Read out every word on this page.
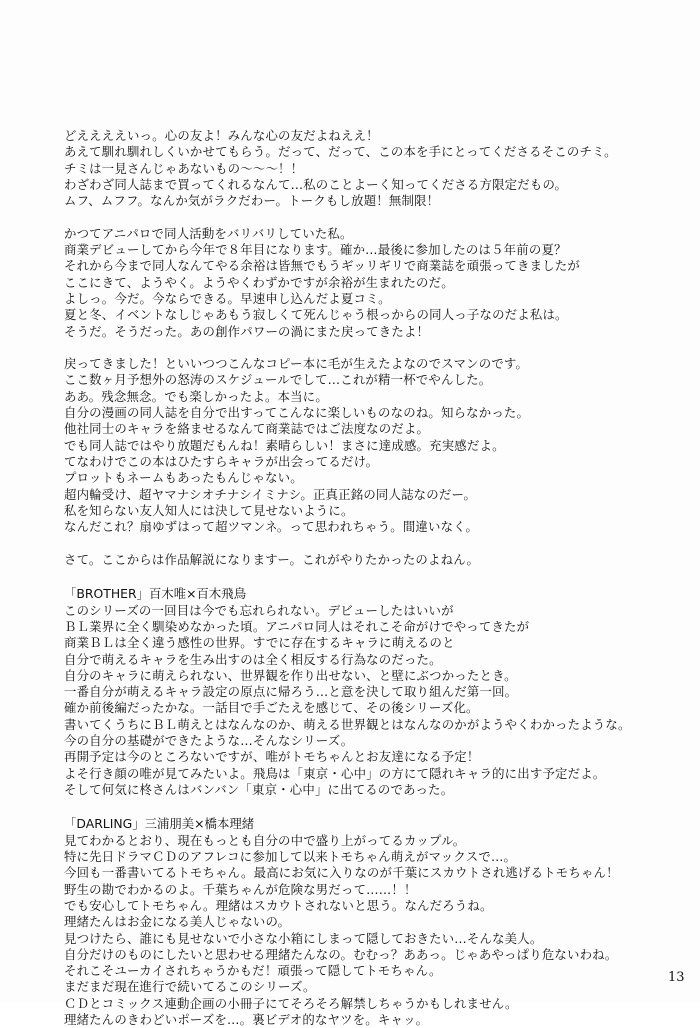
どええええいっ。心の友よ！みんな心の友だよねええ！
あえて馴れ馴れしくいかせてもらう。だって、だって、この本を手にとってくださるそこのチミ。
チミは一見さんじゃあないもの～～～！！
わざわざ同人誌まで買ってくれるなんて…私のことよーく知ってくださる方限定だもの。
ムフ、ムフフ。なんか気がラクだわー。トークもし放題！無制限！
かつてアニパロで同人活動をバリバリしていた私。
商業デビューしてから今年で８年目になります。確か…最後に参加したのは５年前の夏？
それから今まで同人なんてやる余裕は皆無でもうギッリギリで商業誌を頑張ってきましたが
ここにきて、ようやく。ようやくわずかですが余裕が生まれたのだ。
よしっ。今だ。今ならできる。早速申し込んだよ夏コミ。
夏と冬、イベントなしじゃあもう寂しくて死んじゃう根っからの同人っ子なのだよ私は。
そうだ。そうだった。あの創作パワーの渦にまた戻ってきたよ！
戻ってきました！といいつつこんなコピー本に毛が生えたよなのでスマンのです。
ここ数ヶ月予想外の怒涛のスケジュールでして…これが精一杯でやんした。
ああ。残念無念。でも楽しかったよ。本当に。
自分の漫画の同人誌を自分で出すってこんなに楽しいものなのね。知らなかった。
他社同士のキャラを絡ませるなんて商業誌ではご法度なのだよ。
でも同人誌ではやり放題だもんね！素晴らしい！まさに達成感。充実感だよ。
てなわけでこの本はひたすらキャラが出会ってるだけ。
プロットもネームもあったもんじゃない。
超内輪受け、超ヤマナシオチナシイミナシ。正真正銘の同人誌なのだー。
私を知らない友人知人には決して見せないように。
なんだこれ？扇ゆずはって超ツマンネ。って思われちゃう。間違いなく。
さて。ここからは作品解説になりますー。これがやりたかったのよねん。
「BROTHER」百木唯×百木飛鳥
このシリーズの一回目は今でも忘れられない。デビューしたはいいが
ＢＬ業界に全く馴染めなかった頃。アニパロ同人はそれこそ命がけでやってきたが
商業ＢＬは全く違う感性の世界。すでに存在するキャラに萌えるのと
自分で萌えるキャラを生み出すのは全く相反する行為なのだった。
自分のキャラに萌えられない、世界観を作り出せない、と壁にぶつかったとき。
一番自分が萌えるキャラ設定の原点に帰ろう…と意を決して取り組んだ第一回。
確か前後編だったかな。一話目で手ごたえを感じて、その後シリーズ化。
書いてくうちにＢＬ萌えとはなんなのか、萌える世界観とはなんなのかがようやくわかったような。
今の自分の基礎ができたような…そんなシリーズ。
再開予定は今のところないですが、唯がトモちゃんとお友達になる予定！
よそ行き顔の唯が見てみたいよ。飛鳥は「東京・心中」の方にて隠れキャラ的に出す予定だよ。
そして何気に柊さんはバンバン「東京・心中」に出てるのであった。
「DARLING」三浦朋美×橋本理緒
見てわかるとおり、現在もっとも自分の中で盛り上がってるカップル。
特に先日ドラマＣＤのアフレコに参加して以来トモちゃん萌えがマックスで…。
今回も一番書いてるトモちゃん。最高にお気に入りなのが千葉にスカウトされ逃げるトモちゃん！
野生の勘でわかるのよ。千葉ちゃんが危険な男だって……！！
でも安心してトモちゃん。理緒はスカウトされないと思う。なんだろうね。
理緒たんはお金になる美人じゃないの。
見つけたら、誰にも見せないで小さな小箱にしまって隠しておきたい…そんな美人。
自分だけのものにしたいと思わせる理緒たんなの。むむっ？ああっ。じゃあやっぱり危ないわね。
それこそユーカイされちゃうかもだ！頑張って隠してトモちゃん。
まだまだ現在進行で続いてるこのシリーズ。
ＣＤとコミックス連動企画の小冊子にてそろそろ解禁しちゃうかもしれません。
理緒たんのきわどいポーズを…。裏ビデオ的なヤツを。キャッ。
13
